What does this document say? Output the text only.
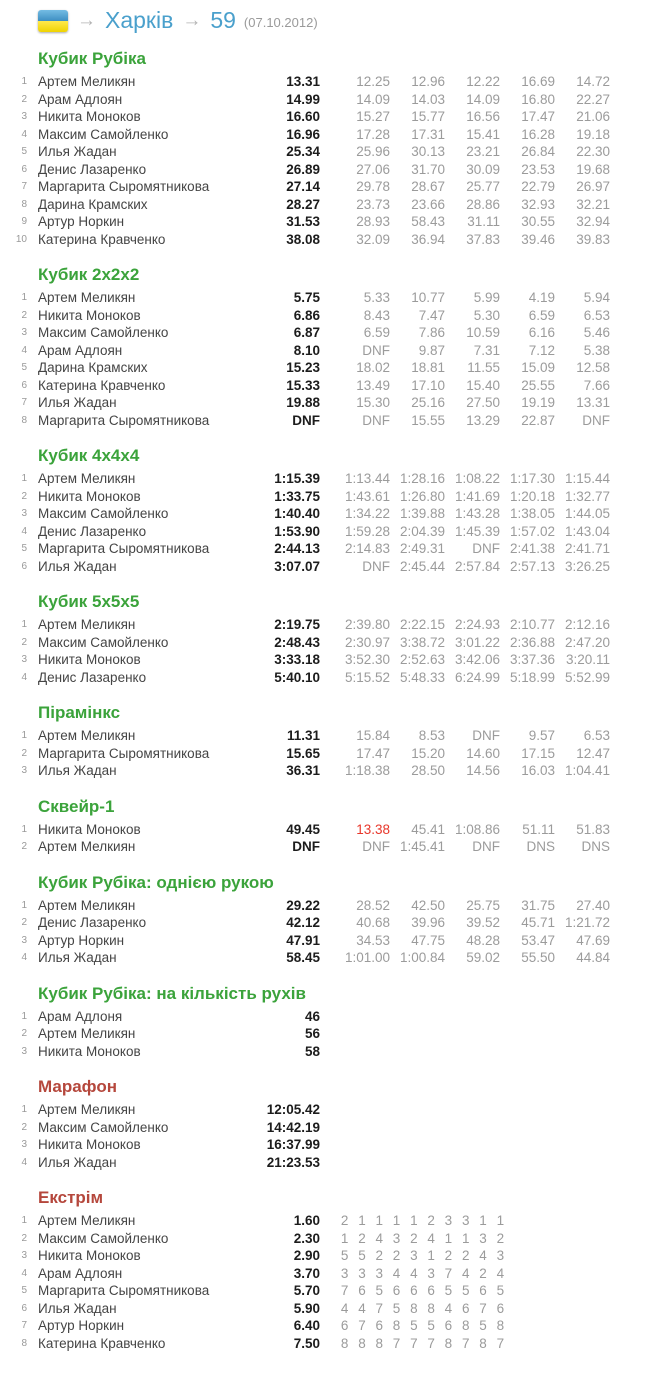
→ Харків → 59 (07.10.2012)
Кубик Рубіка
1 Артем Меликян	13.31	12.25	12.96	12.22	16.69	14.72
2 Арам Адлоян	14.99	14.09	14.03	14.09	16.80	22.27
3 Никита Моноков	16.60	15.27	15.77	16.56	17.47	21.06
4 Максим Самойленко	16.96	17.28	17.31	15.41	16.28	19.18
5 Илья Жадан	25.34	25.96	30.13	23.21	26.84	22.30
6 Денис Лазаренко	26.89	27.06	31.70	30.09	23.53	19.68
7 Маргарита Сыромятникова	27.14	29.78	28.67	25.77	22.79	26.97
8 Дарина Крамских	28.27	23.73	23.66	28.86	32.93	32.21
9 Артур Норкин	31.53	28.93	58.43	31.11	30.55	32.94
10 Катерина Кравченко	38.08	32.09	36.94	37.83	39.46	39.83
Кубик 2х2х2
1 Артем Меликян	5.75	5.33	10.77	5.99	4.19	5.94
2 Никита Моноков	6.86	8.43	7.47	5.30	6.59	6.53
3 Максим Самойленко	6.87	6.59	7.86	10.59	6.16	5.46
4 Арам Адлоян	8.10	DNF	9.87	7.31	7.12	5.38
5 Дарина Крамских	15.23	18.02	18.81	11.55	15.09	12.58
6 Катерина Кравченко	15.33	13.49	17.10	15.40	25.55	7.66
7 Илья Жадан	19.88	15.30	25.16	27.50	19.19	13.31
8 Маргарита Сыромятникова	DNF	DNF	15.55	13.29	22.87	DNF
Кубик 4х4х4
1 Артем Меликян	1:15.39	1:13.44 1:28.16 1:08.22 1:17.30 1:15.44
2 Никита Моноков	1:33.75	1:43.61 1:26.80 1:41.69 1:20.18 1:32.77
3 Максим Самойленко	1:40.40	1:34.22 1:39.88 1:43.28 1:38.05 1:44.05
4 Денис Лазаренко	1:53.90	1:59.28 2:04.39 1:45.39 1:57.02 1:43.04
5 Маргарита Сыромятникова	2:44.13	2:14.83 2:49.31	DNF 2:41.38 2:41.71
6 Илья Жадан	3:07.07	DNF 2:45.44 2:57.84 2:57.13 3:26.25
Кубик 5х5х5
1 Артем Меликян	2:19.75	2:39.80 2:22.15 2:24.93 2:10.77 2:12.16
2 Максим Самойленко	2:48.43	2:30.97 3:38.72 3:01.22 2:36.88 2:47.20
3 Никита Моноков	3:33.18	3:52.30 2:52.63 3:42.06 3:37.36 3:20.11
4 Денис Лазаренко	5:40.10	5:15.52 5:48.33 6:24.99 5:18.99 5:52.99
Пірамінкс
1 Артем Меликян	11.31	15.84	8.53	DNF	9.57	6.53
2 Маргарита Сыромятникова	15.65	17.47	15.20	14.60	17.15	12.47
3 Илья Жадан	36.31	1:18.38	28.50	14.56	16.03 1:04.41
Сквейр-1
1 Никита Моноков	49.45	13.38	45.41 1:08.86	51.11	51.83
2 Артем Мелкиян	DNF	DNF 1:45.41	DNF	DNS	DNS
Кубик Рубіка: однією рукою
1 Артем Меликян	29.22	28.52	42.50	25.75	31.75	27.40
2 Денис Лазаренко	42.12	40.68	39.96	39.52	45.71 1:21.72
3 Артур Норкин	47.91	34.53	47.75	48.28	53.47	47.69
4 Илья Жадан	58.45	1:01.00 1:00.84	59.02	55.50	44.84
Кубик Рубіка: на кількість рухів
1 Арам Адлоня	46
2 Артем Меликян	56
3 Никита Моноков	58
Марафон
1 Артем Меликян	12:05.42
2 Максим Самойленко	14:42.19
3 Никита Моноков	16:37.99
4 Илья Жадан	21:23.53
Екстрім
1 Артем Меликян	1.60	2 1 1 1 1 2 3 3 1 1
2 Максим Самойленко	2.30	1 2 4 3 2 4 1 1 3 2
3 Никита Моноков	2.90	5 5 2 2 3 1 2 2 4 3
4 Арам Адлоян	3.70	3 3 3 4 4 3 7 4 2 4
5 Маргарита Сыромятникова	5.70	7 6 5 6 6 6 5 5 6 5
6 Илья Жадан	5.90	4 4 7 5 8 8 4 6 7 6
7 Артур Норкин	6.40	6 7 6 8 5 5 6 8 5 8
8 Катерина Кравченко	7.50	8 8 8 7 7 7 8 7 8 7
